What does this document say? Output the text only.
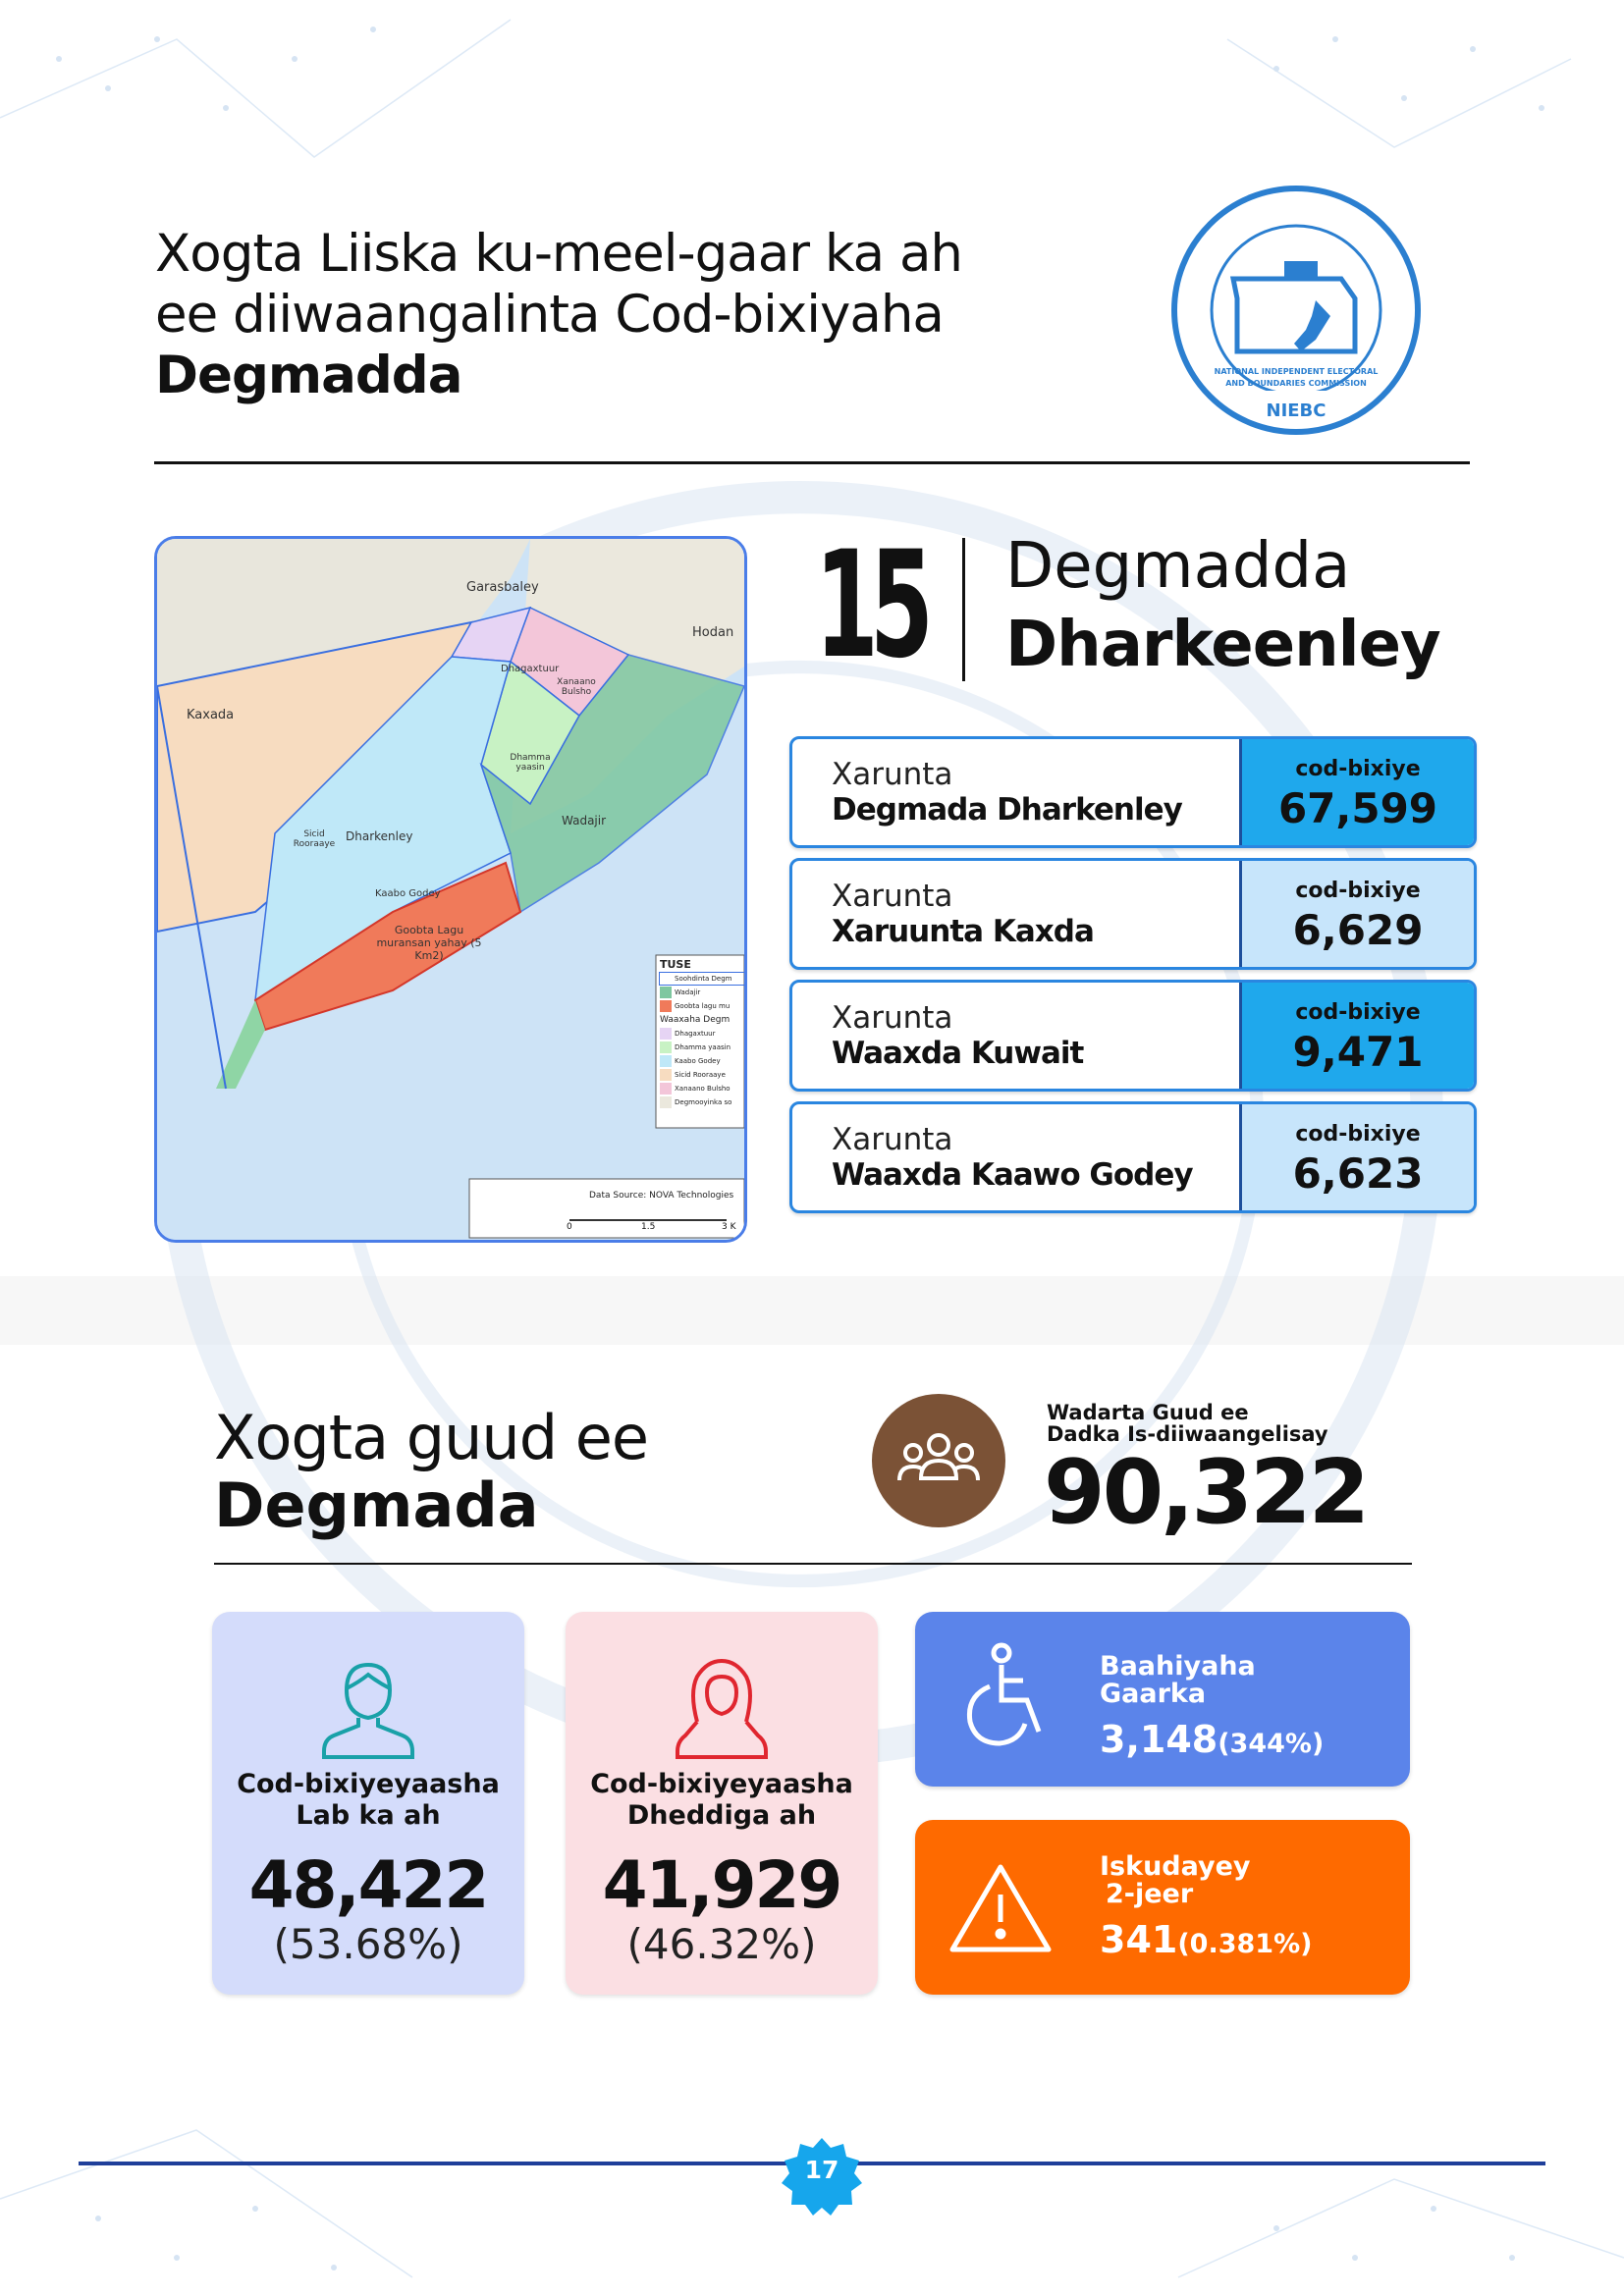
Xogta Liiska ku-meel-gaar ka ah
ee diiwaangalinta Cod-bixiyaha
Degmadda
NIEBC
NATIONAL INDEPENDENT ELECTORAL
AND BOUNDARIES COMMISSION
Garasbaley
Hodan
Kaxada
Dhagaxtuur
Xanaano Bulsho
Dhamma yaasin
Wadajir
Sicid Rooraaye
Dharkenley
Kaabo Godey
Goobta Lagu muransan yahay (5 Km2)
TUSE
Soohdinta Degm
Wadajir
Goobta lagu mu
Waaxaha Degm
Dhagaxtuur
Dhamma yaasin
Kaabo Godey
Sicid Rooraaye
Xanaano Bulsho
Degmooyinka so
Data Source: NOVA Technologies
0	1.5	3 K
15 Degmadda
Dharkeenley
Xarunta
Degmada Dharkenley
cod-bixiye
67,599
Xarunta
Xaruunta Kaxda
cod-bixiye
6,629
Xarunta
Waaxda Kuwait
cod-bixiye
9,471
Xarunta
Waaxda Kaawo Godey
cod-bixiye
6,623
Xogta guud ee
Degmada
Wadarta Guud ee
Dadka Is-diiwaangelisay
90,322
Cod-bixiyeyaasha
Lab ka ah
48,422
(53.68%)
Cod-bixiyeyaasha
Dheddiga ah
41,929
(46.32%)
Baahiyaha
Gaarka
3,148(344%)
Iskudayey
2-jeer
341(0.381%)
17
